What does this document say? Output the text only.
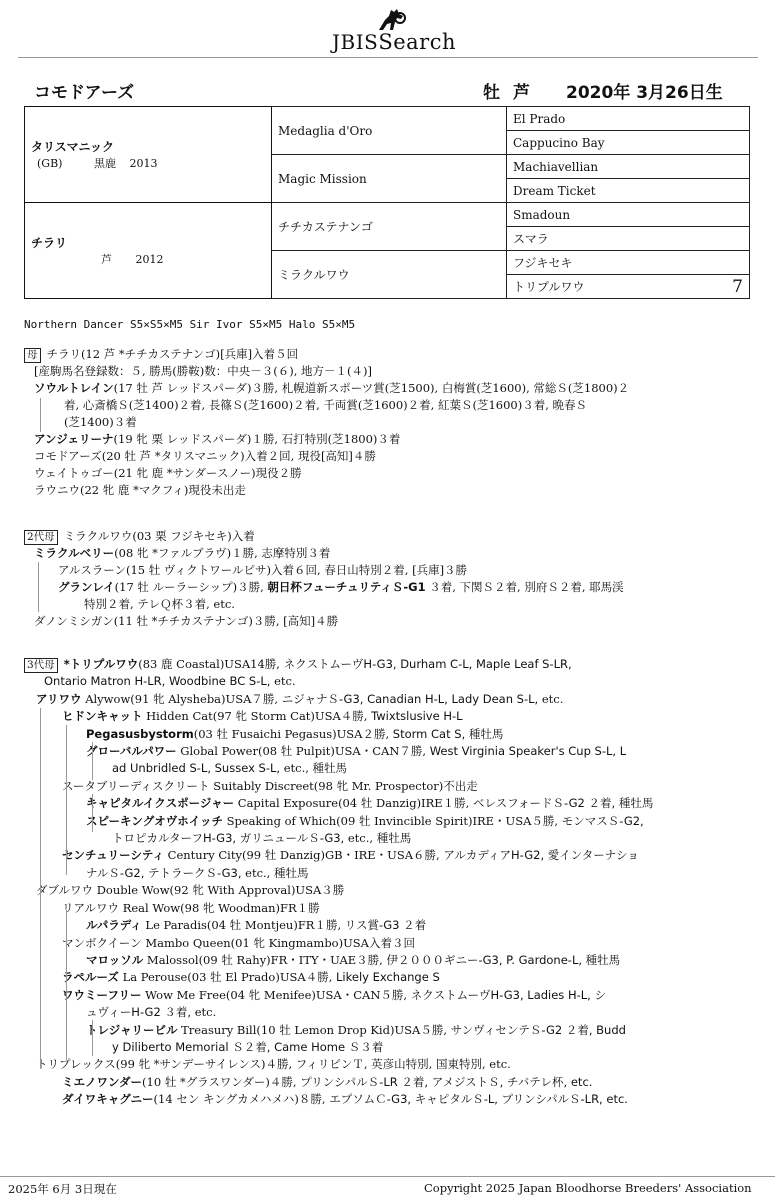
JBISSearch
コモドアーズ	牡 芦 2020年 3月26日生
タリスマニック
(GB) 黒鹿 2013	Medaglia d'Oro	El Prado
		Cappucino Bay
	Magic Mission	Machiavellian
		Dream Ticket

チラリ
芦 2012	チチカステナンゴ	Smadoun
		スマラ
	ミラクルワウ	フジキセキ
		トリプルワウ 7
Northern Dancer S5×S5×M5 Sir Ivor S5×M5 Halo S5×M5
母 チラリ(12 芦 *チチカステナンゴ)[兵庫]入着５回
[産駒馬名登録数：５, 勝馬(勝鞍)数：中央－３(６), 地方－１(４)]
ソウルトレイン(17 牡 芦 レッドスパーダ)３勝, 札幌道新スポーツ賞(芝1500), 白梅賞(芝1600), 常総Ｓ(芝1800)２
着, 心斎橋Ｓ(芝1400)２着, 長篠Ｓ(芝1600)２着, 千両賞(芝1600)２着, 紅葉Ｓ(芝1600)３着, 晩春Ｓ
(芝1400)３着
アンジェリーナ(19 牝 栗 レッドスパーダ)１勝, 石打特別(芝1800)３着
コモドアーズ(20 牡 芦 *タリスマニック)入着２回, 現役[高知]４勝
ウェイトゥゴー(21 牝 鹿 *サンダースノー)現役２勝
ラウニウ(22 牝 鹿 *マクフィ)現役未出走
2代母 ミラクルワウ(03 栗 フジキセキ)入着
ミラクルベリー(08 牝 *ファルブラヴ)１勝, 志摩特別３着
アルスラーン(15 牡 ヴィクトワールピサ)入着６回, 春日山特別２着, [兵庫]３勝
グランレイ(17 牡 ルーラーシップ)３勝, 朝日杯フューチュリティＳ-G1 ３着, 下関Ｓ２着, 別府Ｓ２着, 耶馬渓
特別２着, テレＱ杯３着, etc.
ダノンミシガン(11 牡 *チチカステナンゴ)３勝, [高知]４勝
3代母 *トリプルワウ(83 鹿 Coastal)USA14勝, ネクストムーヴH-G3, Durham C-L, Maple Leaf S-LR,
Ontario Matron H-LR, Woodbine BC S-L, etc.
アリワウ Alywow(91 牝 Alysheba)USA７勝, ニジャナＳ-G3, Canadian H-L, Lady Dean S-L, etc.
ヒドンキャット Hidden Cat(97 牝 Storm Cat)USA４勝, Twixtslusive H-L
Pegasusbystorm(03 牡 Fusaichi Pegasus)USA２勝, Storm Cat S, 種牡馬
グローバルパワー Global Power(08 牡 Pulpit)USA・CAN７勝, West Virginia Speaker's Cup S-L, L
ad Unbridled S-L, Sussex S-L, etc., 種牡馬
スータブリーディスクリート Suitably Discreet(98 牝 Mr. Prospector)不出走
キャピタルイクスポージャー Capital Exposure(04 牡 Danzig)IRE１勝, ベレスフォードＳ-G2 ２着, 種牡馬
スピーキングオヴホイッチ Speaking of Which(09 牡 Invincible Spirit)IRE・USA５勝, モンマスＳ-G2,
トロピカルターフH-G3, ガリニュールＳ-G3, etc., 種牡馬
センチュリーシティ Century City(99 牡 Danzig)GB・IRE・USA６勝, アルカディアH-G2, 愛インターナショ
ナルＳ-G2, テトラークＳ-G3, etc., 種牡馬
ダブルワウ Double Wow(92 牝 With Approval)USA３勝
リアルワウ Real Wow(98 牝 Woodman)FR１勝
ルパラディ Le Paradis(04 牡 Montjeu)FR１勝, リス賞-G3 ２着
マンボクイーン Mambo Queen(01 牝 Kingmambo)USA入着３回
マロッソル Malossol(09 牡 Rahy)FR・ITY・UAE３勝, 伊２０００ギニー-G3, P. Gardone-L, 種牡馬
ラペルーズ La Perouse(03 牡 El Prado)USA４勝, Likely Exchange S
ワウミーフリー Wow Me Free(04 牝 Menifee)USA・CAN５勝, ネクストムーヴH-G3, Ladies H-L, シ
ュヴィーH-G2 ３着, etc.
トレジャリービル Treasury Bill(10 牡 Lemon Drop Kid)USA５勝, サンヴィセンテＳ-G2 ２着, Budd
y Diliberto Memorial Ｓ２着, Came Home Ｓ３着
トリプレックス(99 牝 *サンデーサイレンス)４勝, フィリピンＴ, 英彦山特別, 国東特別, etc.
ミエノワンダー(10 牡 *グラスワンダー)４勝, プリンシパルＳ-LR ２着, アメジストＳ, チバテレ杯, etc.
ダイワキャグニー(14 セン キングカメハメハ)８勝, エプソムＣ-G3, キャピタルＳ-L, プリンシパルＳ-LR, etc.
2025年 6月 3日現在	Copyright 2025 Japan Bloodhorse Breeders' Association
